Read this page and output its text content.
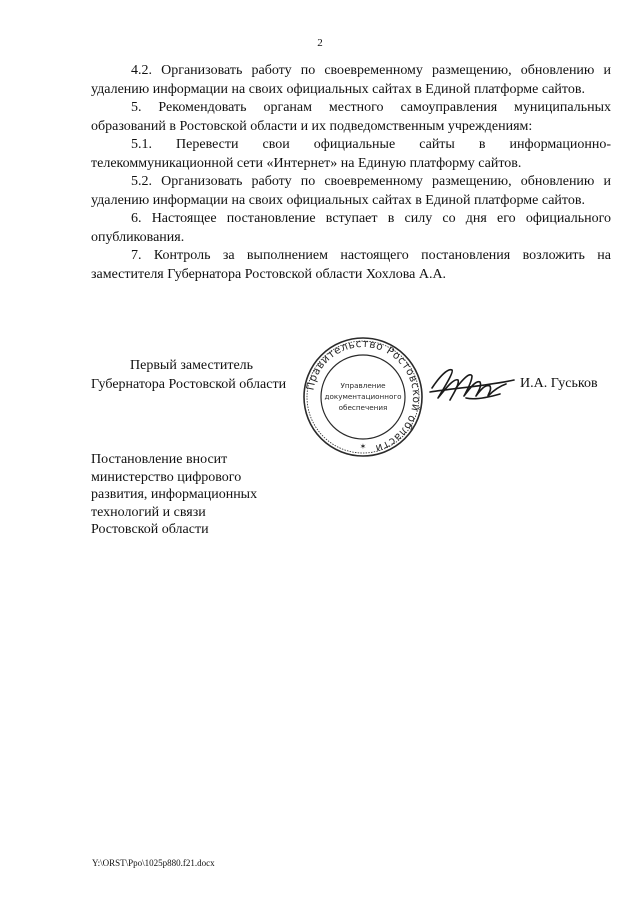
2

4.2. Организовать работу по своевременному размещению, обновлению и удалению информации на своих официальных сайтах в Единой платформе сайтов.

5. Рекомендовать органам местного самоуправления муниципальных образований в Ростовской области и их подведомственным учреждениям:

5.1. Перевести свои официальные сайты в информационно-телекоммуникационной сети «Интернет» на Единую платформу сайтов.

5.2. Организовать работу по своевременному размещению, обновлению и удалению информации на своих официальных сайтах в Единой платформе сайтов.

6. Настоящее постановление вступает в силу со дня его официального опубликования.

7. Контроль за выполнением настоящего постановления возложить на заместителя Губернатора Ростовской области Хохлова А.А.

Первый заместитель
Губернатора Ростовской области	Правительство Ростовской области
Управление
документационного
обеспечения
✶
И.А. Гуськов
Постановление вносит
министерство цифрового
развития, информационных
технологий и связи
Ростовской области
Y:\ORST\Ppo\1025p880.f21.docx
